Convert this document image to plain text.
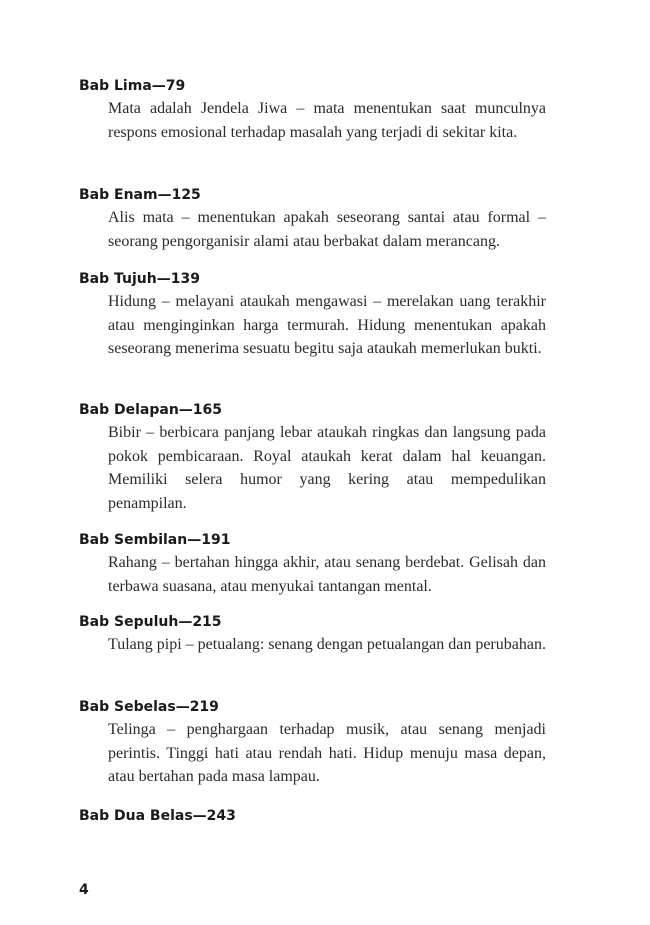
Bab Lima—79

Mata adalah Jendela Jiwa – mata menentukan saat munculnya respons emosional terhadap masalah yang terjadi di sekitar kita.

Bab Enam—125

Alis mata – menentukan apakah seseorang santai atau formal – seorang pengorganisir alami atau berbakat dalam merancang.

Bab Tujuh—139

Hidung – melayani ataukah mengawasi – merelakan uang terakhir atau menginginkan harga termurah. Hidung menentukan apakah seseorang menerima sesuatu begitu saja ataukah memerlukan bukti.

Bab Delapan—165

Bibir – berbicara panjang lebar ataukah ringkas dan langsung pada pokok pembicaraan. Royal ataukah kerat dalam hal keuangan. Memiliki selera humor yang kering atau mempedulikan penampilan.

Bab Sembilan—191

Rahang – bertahan hingga akhir, atau senang berdebat. Gelisah dan terbawa suasana, atau menyukai tantangan mental.

Bab Sepuluh—215

Tulang pipi – petualang: senang dengan petualangan dan perubahan.

Bab Sebelas—219

Telinga – penghargaan terhadap musik, atau senang menjadi perintis. Tinggi hati atau rendah hati. Hidup menuju masa depan, atau bertahan pada masa lampau.

Bab Dua Belas—243

4
